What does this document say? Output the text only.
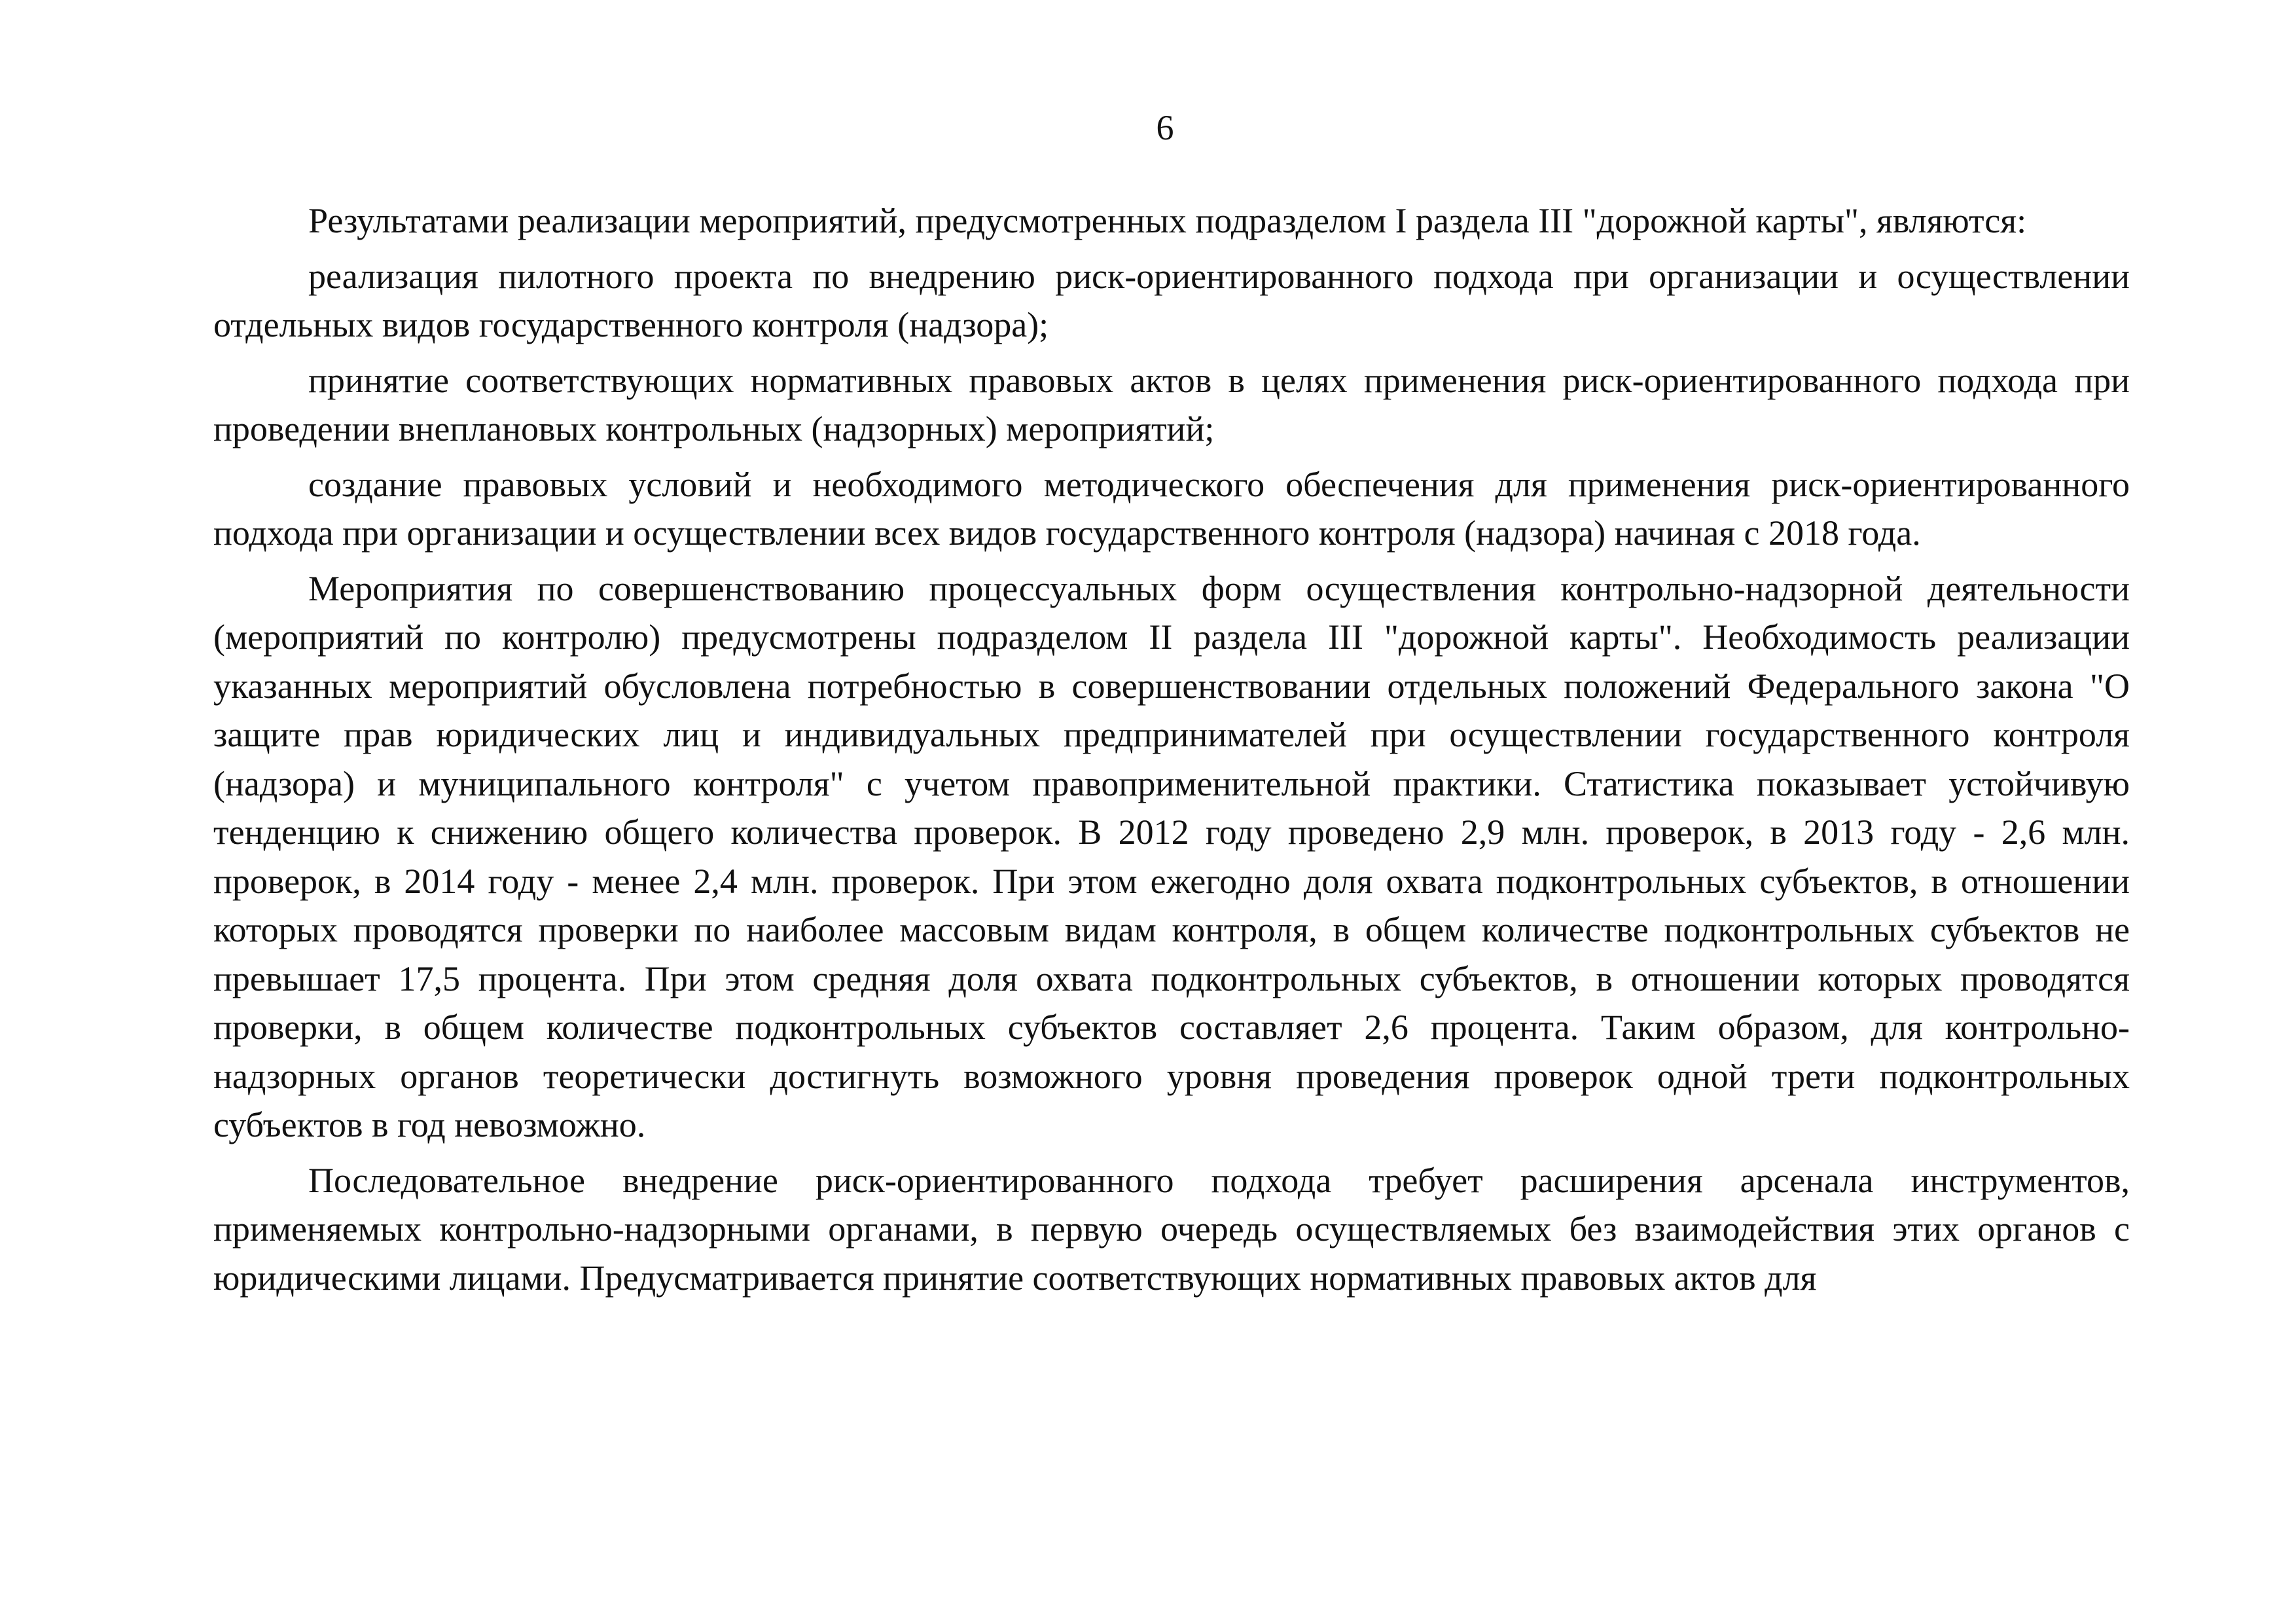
6

Результатами реализации мероприятий, предусмотренных подразделом I раздела III "дорожной карты", являются:

реализация пилотного проекта по внедрению риск-ориентированного подхода при организации и осуществлении отдельных видов государственного контроля (надзора);

принятие соответствующих нормативных правовых актов в целях применения риск-ориентированного подхода при проведении внеплановых контрольных (надзорных) мероприятий;

создание правовых условий и необходимого методического обеспечения для применения риск-ориентированного подхода при организации и осуществлении всех видов государственного контроля (надзора) начиная с 2018 года.

Мероприятия по совершенствованию процессуальных форм осуществления контрольно-надзорной деятельности (мероприятий по контролю) предусмотрены подразделом II раздела III "дорожной карты". Необходимость реализации указанных мероприятий обусловлена потребностью в совершенствовании отдельных положений Федерального закона "О защите прав юридических лиц и индивидуальных предпринимателей при осуществлении государственного контроля (надзора) и муниципального контроля" с учетом правоприменительной практики. Статистика показывает устойчивую тенденцию к снижению общего количества проверок. В 2012 году проведено 2,9 млн. проверок, в 2013 году - 2,6 млн. проверок, в 2014 году - менее 2,4 млн. проверок. При этом ежегодно доля охвата подконтрольных субъектов, в отношении которых проводятся проверки по наиболее массовым видам контроля, в общем количестве подконтрольных субъектов не превышает 17,5 процента. При этом средняя доля охвата подконтрольных субъектов, в отношении которых проводятся проверки, в общем количестве подконтрольных субъектов составляет 2,6 процента. Таким образом, для контрольно-надзорных органов теоретически достигнуть возможного уровня проведения проверок одной трети подконтрольных субъектов в год невозможно.

Последовательное внедрение риск-ориентированного подхода требует расширения арсенала инструментов, применяемых контрольно-надзорными органами, в первую очередь осуществляемых без взаимодействия этих органов с юридическими лицами. Предусматривается принятие соответствующих нормативных правовых актов для
